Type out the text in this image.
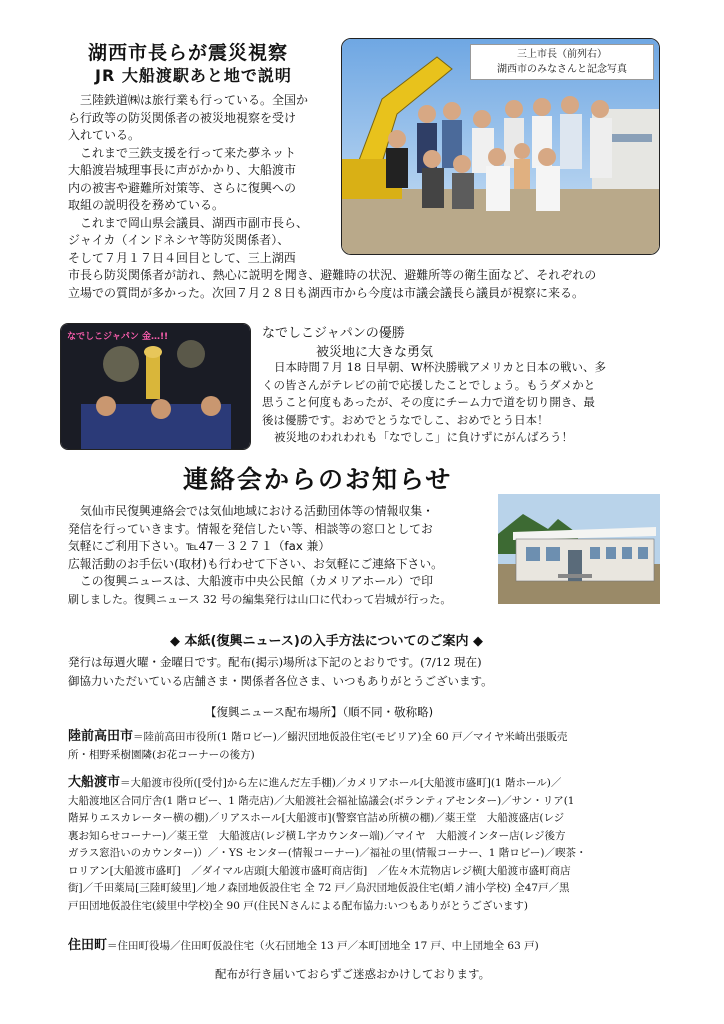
湖西市長らが震災視察
JR 大船渡駅あと地で説明
三陸鉄道㈱は旅行業も行っている。全国か
ら行政等の防災関係者の被災地視察を受け
入れている。
これまで三鉄支援を行って来た夢ネット
大船渡岩城理事長に声がかかり、大船渡市
内の被害や避難所対策等、さらに復興への
取組の説明役を務めている。
これまで岡山県会議員、湖西市副市長ら、
ジャイカ（インドネシヤ等防災関係者）、
そして７月１７日４回目として、三上湖西
市長ら防災関係者が訪れ、熱心に説明を聞き、避難時の状況、避難所等の衛生面など、それぞれの
立場での質問が多かった。次回７月２８日も湖西市から今度は市議会議長ら議員が視察に来る。
三上市長（前列右）
湖西市のみなさんと記念写真
なでしこジャパン 金…!!	なでしこジャパンの優勝
被災地に大きな勇気
日本時間７月 18 日早朝、W杯決勝戦アメリカと日本の戦い、多
くの皆さんがテレビの前で応援したことでしょう。もうダメかと
思うこと何度もあったが、その度にチーム力で道を切り開き、最
後は優勝です。おめでとうなでしこ、おめでとう日本！
被災地のわれわれも「なでしこ」に負けずにがんばろう！
連絡会からのお知らせ
気仙市民復興連絡会では気仙地域における活動団体等の情報収集・
発信を行っていきます。情報を発信したい等、相談等の窓口としてお
気軽にご利用下さい。℡47－３２７１（fax 兼）
広報活動のお手伝い(取材)も行わせて下さい、お気軽にご連絡下さい。
この復興ニュースは、大船渡市中央公民館（カメリアホール）で印
刷しました。復興ニュース 32 号の編集発行は山口に代わって岩城が行った。
◆ 本紙(復興ニュース)の入手方法についてのご案内 ◆
発行は毎週火曜・金曜日です。配布(掲示)場所は下記のとおりです。(7/12 現在)
御協力いただいている店舗さま・関係者各位さま、いつもありがとうございます。
【復興ニュース配布場所】（順不同・敬称略)
陸前高田市＝陸前高田市役所(1 階ロビー)／鰯沢団地仮設住宅(モビリア)全 60 戸／マイヤ米崎出張販売
所・相野釆樹園隣(お花コーナーの後方)
大船渡市＝大船渡市役所([受付]から左に進んだ左手棚)／カメリアホール[大船渡市盛町](1 階ホール)／
大船渡地区合同庁舎(1 階ロビー、1 階売店)／大船渡社会福祉協議会(ボランティアセンター)／サン・リア(1
階昇りエスカレーター横の棚)／リアスホール[大船渡市](警察官詰め所横の棚)／薬王堂　大船渡盛店(レジ
裏お知らせコーナー)／薬王堂　大船渡店(レジ横Ｌ字カウンター端)／マイヤ　大船渡インター店(レジ後方
ガラス窓沿いのカウンター)）／・YS センター(情報コーナー)／福祉の里(情報コーナー、1 階ロビー)／喫茶・
ロリアン[大船渡市盛町]　／ダイマル店頭[大船渡市盛町商店街]　／佐々木荒物店レジ横[大船渡市盛町商店
街]／千田薬局[三陸町綾里]／地ノ森団地仮設住宅 全 72 戸／鳥沢団地仮設住宅(蛸ノ浦小学校) 全47戸／黒
戸田団地仮設住宅(綾里中学校)全 90 戸(住民Ｎさんによる配布協力:いつもありがとうございます)
住田町＝住田町役場／住田町仮設住宅（火石団地全 13 戸／本町団地全 17 戸、中上団地全 63 戸)
配布が行き届いておらずご迷惑おかけしております。
